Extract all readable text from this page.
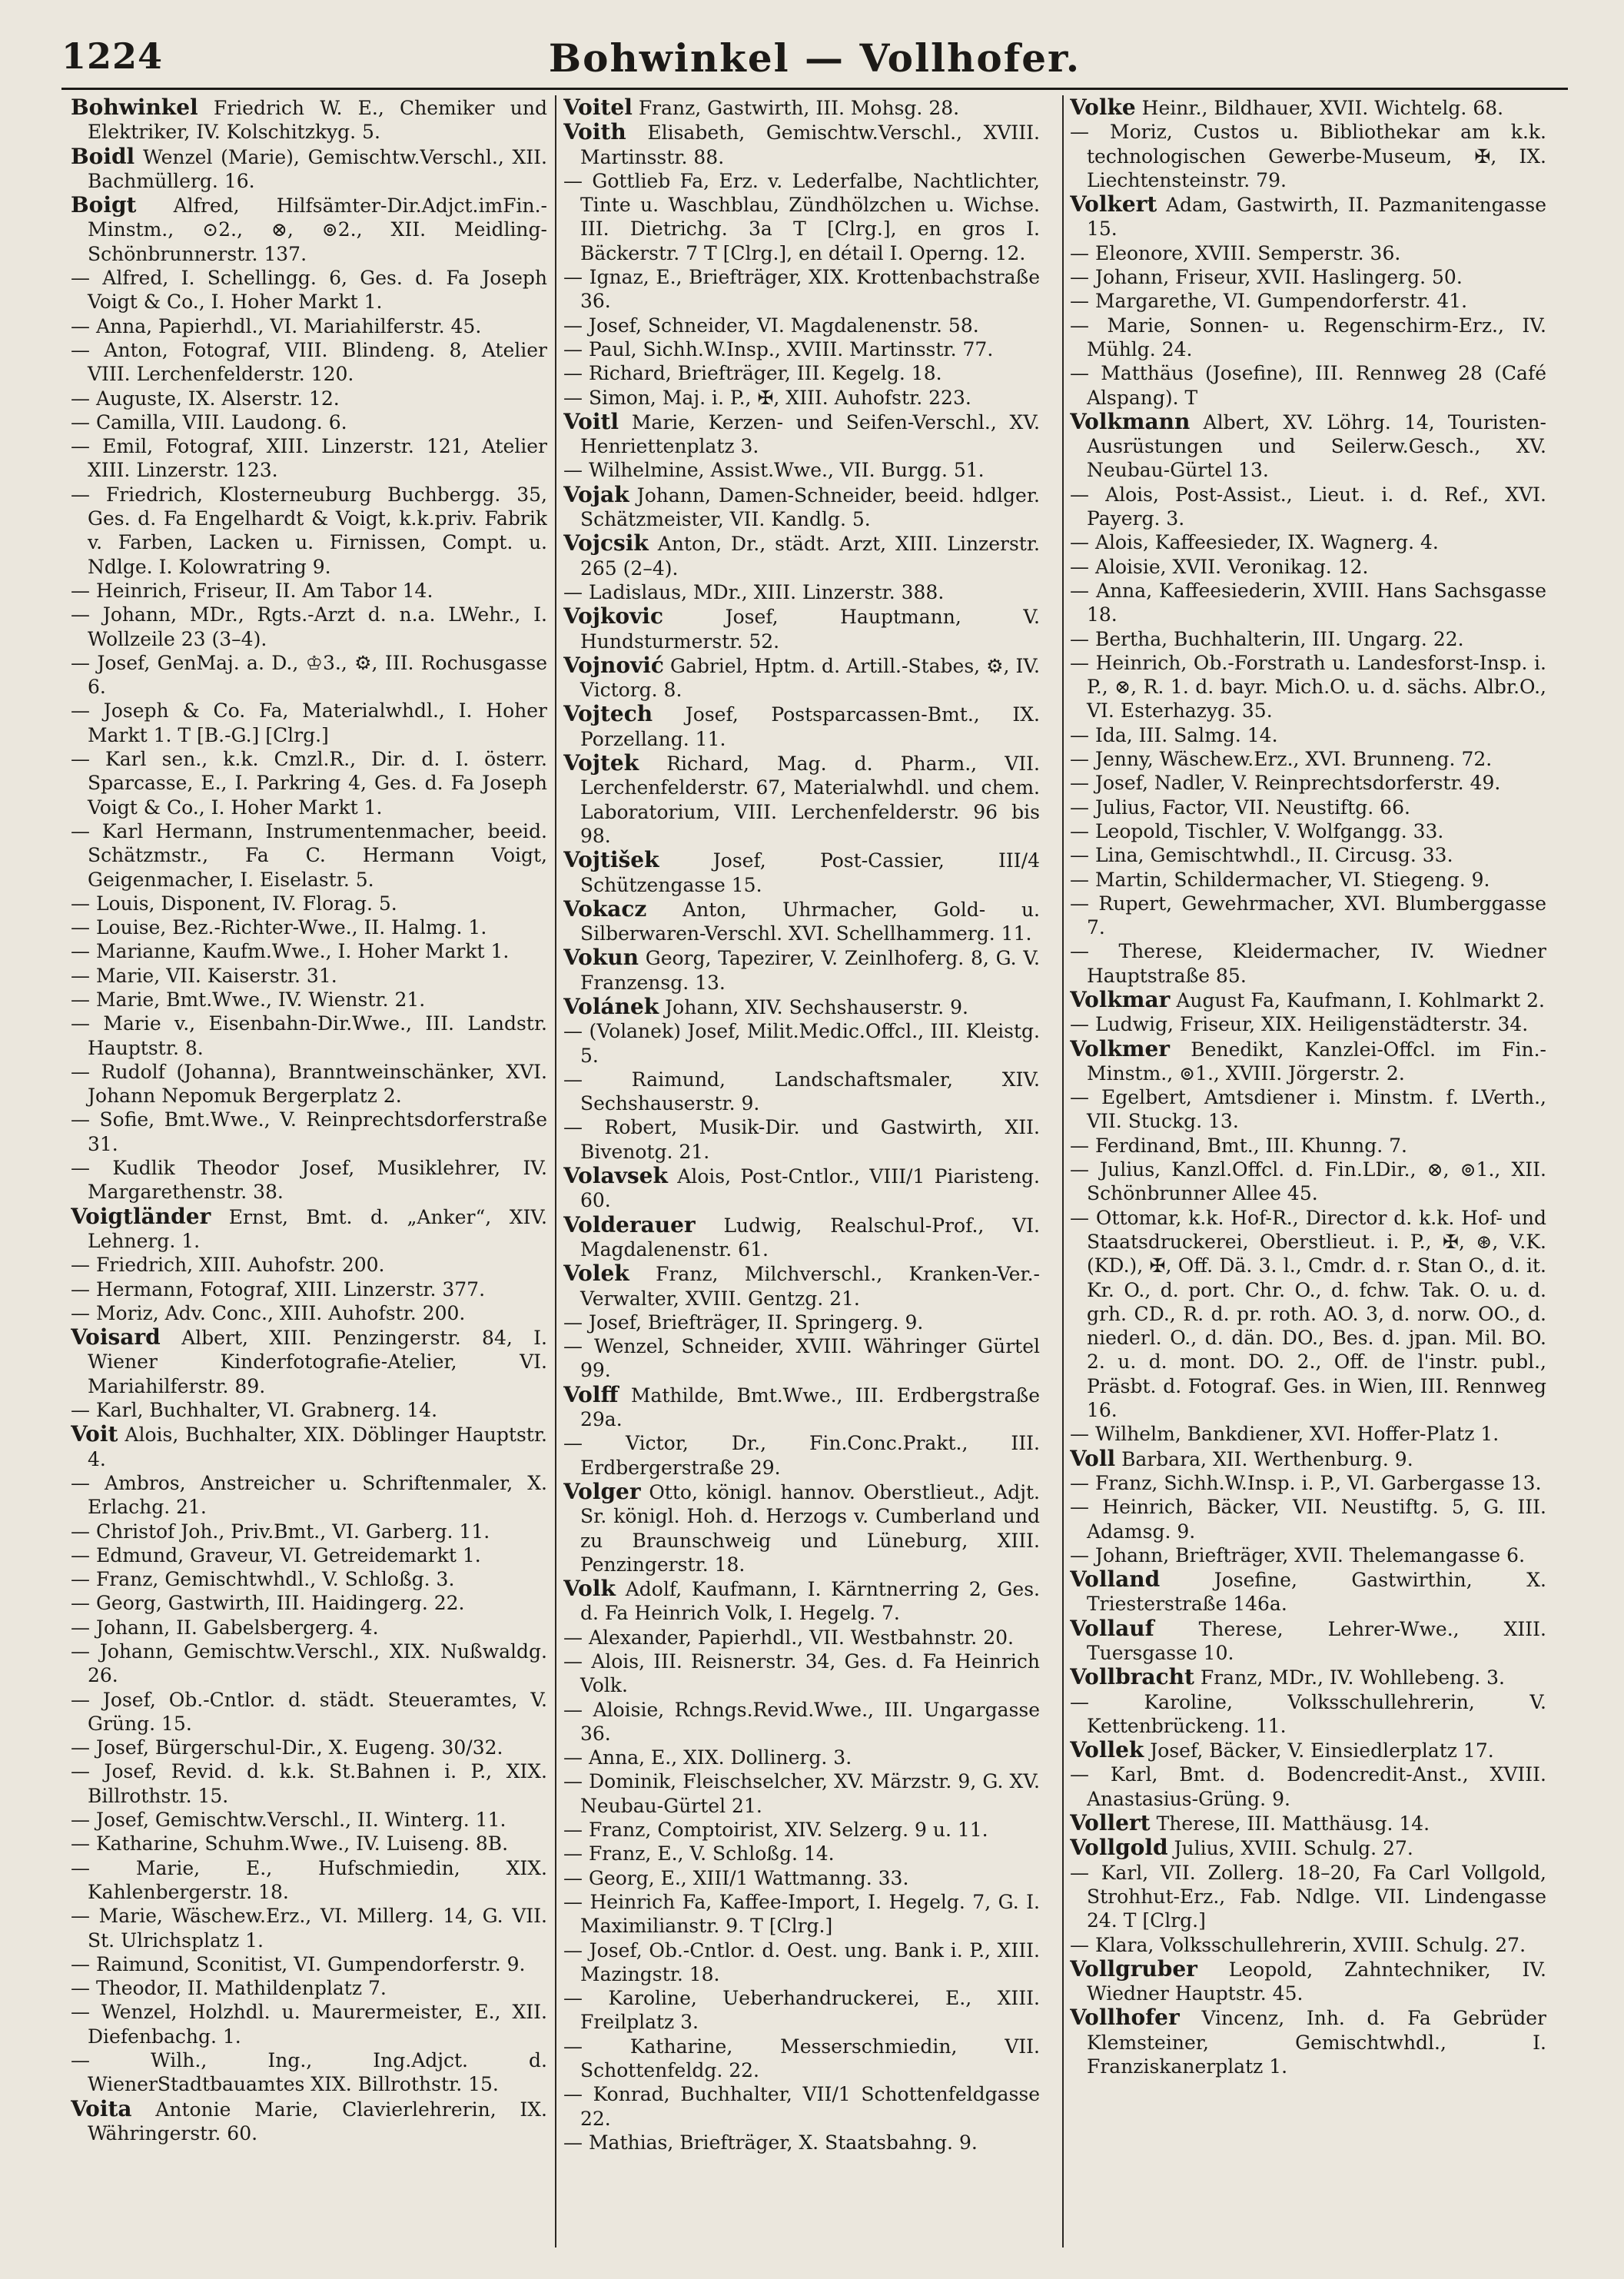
1224	Bohwinkel — Vollhofer.

Bohwinkel Friedrich W. E., Chemiker und Elektriker, IV. Kolschitzkyg. 5.

Boidl Wenzel (Marie), Gemischtw.Verschl., XII. Bachmüllerg. 16.

Boigt Alfred, Hilfsämter-Dir.Adjct.imFin.-Minstm., ⊙2., ⊗, ⊚2., XII. Meidling-Schönbrunnerstr. 137.

— Alfred, I. Schellingg. 6, Ges. d. Fa Joseph Voigt & Co., I. Hoher Markt 1.

— Anna, Papierhdl., VI. Mariahilferstr. 45.

— Anton, Fotograf, VIII. Blindeng. 8, Atelier VIII. Lerchenfelderstr. 120.

— Auguste, IX. Alserstr. 12.

— Camilla, VIII. Laudong. 6.

— Emil, Fotograf, XIII. Linzerstr. 121, Atelier XIII. Linzerstr. 123.

— Friedrich, Klosterneuburg Buchbergg. 35, Ges. d. Fa Engelhardt & Voigt, k.k.priv. Fabrik v. Farben, Lacken u. Firnissen, Compt. u. Ndlge. I. Kolowratring 9.

— Heinrich, Friseur, II. Am Tabor 14.

— Johann, MDr., Rgts.-Arzt d. n.a. LWehr., I. Wollzeile 23 (3–4).

— Josef, GenMaj. a. D., ♔3., ⚙, III. Rochusgasse 6.

— Joseph & Co. Fa, Materialwhdl., I. Hoher Markt 1. T [B.-G.] [Clrg.]

— Karl sen., k.k. Cmzl.R., Dir. d. I. österr. Sparcasse, E., I. Parkring 4, Ges. d. Fa Joseph Voigt & Co., I. Hoher Markt 1.

— Karl Hermann, Instrumentenmacher, beeid. Schätzmstr., Fa C. Hermann Voigt, Geigenmacher, I. Eiselastr. 5.

— Louis, Disponent, IV. Florag. 5.

— Louise, Bez.-Richter-Wwe., II. Halmg. 1.

— Marianne, Kaufm.Wwe., I. Hoher Markt 1.

— Marie, VII. Kaiserstr. 31.

— Marie, Bmt.Wwe., IV. Wienstr. 21.

— Marie v., Eisenbahn-Dir.Wwe., III. Landstr. Hauptstr. 8.

— Rudolf (Johanna), Branntweinschänker, XVI. Johann Nepomuk Bergerplatz 2.

— Sofie, Bmt.Wwe., V. Reinprechtsdorferstraße 31.

— Kudlik Theodor Josef, Musiklehrer, IV. Margarethenstr. 38.

Voigtländer Ernst, Bmt. d. „Anker“, XIV. Lehnerg. 1.

— Friedrich, XIII. Auhofstr. 200.

— Hermann, Fotograf, XIII. Linzerstr. 377.

— Moriz, Adv. Conc., XIII. Auhofstr. 200.

Voisard Albert, XIII. Penzingerstr. 84, I. Wiener Kinderfotografie-Atelier, VI. Mariahilferstr. 89.

— Karl, Buchhalter, VI. Grabnerg. 14.

Voit Alois, Buchhalter, XIX. Döblinger Hauptstr. 4.

— Ambros, Anstreicher u. Schriftenmaler, X. Erlachg. 21.

— Christof Joh., Priv.Bmt., VI. Garberg. 11.

— Edmund, Graveur, VI. Getreidemarkt 1.

— Franz, Gemischtwhdl., V. Schloßg. 3.

— Georg, Gastwirth, III. Haidingerg. 22.

— Johann, II. Gabelsbergerg. 4.

— Johann, Gemischtw.Verschl., XIX. Nußwaldg. 26.

— Josef, Ob.-Cntlor. d. städt. Steueramtes, V. Grüng. 15.

— Josef, Bürgerschul-Dir., X. Eugeng. 30/32.

— Josef, Revid. d. k.k. St.Bahnen i. P., XIX. Billrothstr. 15.

— Josef, Gemischtw.Verschl., II. Winterg. 11.

— Katharine, Schuhm.Wwe., IV. Luiseng. 8B.

— Marie, E., Hufschmiedin, XIX. Kahlenbergerstr. 18.

— Marie, Wäschew.Erz., VI. Millerg. 14, G. VII. St. Ulrichsplatz 1.

— Raimund, Sconitist, VI. Gumpendorferstr. 9.

— Theodor, II. Mathildenplatz 7.

— Wenzel, Holzhdl. u. Maurermeister, E., XII. Diefenbachg. 1.

— Wilh., Ing., Ing.Adjct. d. WienerStadtbauamtes XIX. Billrothstr. 15.

Voita Antonie Marie, Clavierlehrerin, IX. Währingerstr. 60.

Voitel Franz, Gastwirth, III. Mohsg. 28.

Voith Elisabeth, Gemischtw.Verschl., XVIII. Martinsstr. 88.

— Gottlieb Fa, Erz. v. Lederfalbe, Nachtlichter, Tinte u. Waschblau, Zündhölzchen u. Wichse. III. Dietrichg. 3a T [Clrg.], en gros I. Bäckerstr. 7 T [Clrg.], en détail I. Operng. 12.

— Ignaz, E., Briefträger, XIX. Krottenbachstraße 36.

— Josef, Schneider, VI. Magdalenenstr. 58.

— Paul, Sichh.W.Insp., XVIII. Martinsstr. 77.

— Richard, Briefträger, III. Kegelg. 18.

— Simon, Maj. i. P., ✠, XIII. Auhofstr. 223.

Voitl Marie, Kerzen- und Seifen-Verschl., XV. Henriettenplatz 3.

— Wilhelmine, Assist.Wwe., VII. Burgg. 51.

Vojak Johann, Damen-Schneider, beeid. hdlger. Schätzmeister, VII. Kandlg. 5.

Vojcsik Anton, Dr., städt. Arzt, XIII. Linzerstr. 265 (2–4).

— Ladislaus, MDr., XIII. Linzerstr. 388.

Vojkovic	Josef, Hauptmann, V. Hundsturmerstr. 52.

Vojnović Gabriel, Hptm. d. Artill.-Stabes, ⚙, IV. Victorg. 8.

Vojtech Josef, Postsparcassen-Bmt., IX. Porzellang. 11.

Vojtek Richard, Mag. d. Pharm., VII. Lerchenfelderstr. 67, Materialwhdl. und chem. Laboratorium, VIII. Lerchenfelderstr. 96 bis 98.

Vojtišek	Josef, Post-Cassier, III/4 Schützengasse 15.

Vokacz Anton, Uhrmacher, Gold- u. Silberwaren-Verschl. XVI. Schellhammerg. 11.

Vokun Georg, Tapezirer, V. Zeinlhoferg. 8, G. V. Franzensg. 13.

Volánek Johann, XIV. Sechshauserstr. 9.

— (Volanek) Josef, Milit.Medic.Offcl., III. Kleistg. 5.

— Raimund, Landschaftsmaler, XIV. Sechshauserstr. 9.

— Robert, Musik-Dir. und Gastwirth, XII. Bivenotg. 21.

Volavsek Alois, Post-Cntlor., VIII/1 Piaristeng. 60.

Volderauer Ludwig, Realschul-Prof., VI. Magdalenenstr. 61.

Volek Franz, Milchverschl., Kranken-Ver.-Verwalter, XVIII. Gentzg. 21.

— Josef, Briefträger, II. Springerg. 9.

— Wenzel, Schneider, XVIII. Währinger Gürtel 99.

Volff Mathilde, Bmt.Wwe., III. Erdbergstraße 29a.

— Victor, Dr., Fin.Conc.Prakt., III. Erdbergerstraße 29.

Volger Otto, königl. hannov. Oberstlieut., Adjt. Sr. königl. Hoh. d. Herzogs v. Cumberland und zu Braunschweig und Lüneburg, XIII. Penzingerstr. 18.

Volk Adolf, Kaufmann, I. Kärntnerring 2, Ges. d. Fa Heinrich Volk, I. Hegelg. 7.

— Alexander, Papierhdl., VII. Westbahnstr. 20.

— Alois, III. Reisnerstr. 34, Ges. d. Fa Heinrich Volk.

— Aloisie, Rchngs.Revid.Wwe., III. Ungargasse 36.

— Anna, E., XIX. Dollinerg. 3.

— Dominik, Fleischselcher, XV. Märzstr. 9, G. XV. Neubau-Gürtel 21.

— Franz, Comptoirist, XIV. Selzerg. 9 u. 11.

— Franz, E., V. Schloßg. 14.

— Georg, E., XIII/1 Wattmanng. 33.

— Heinrich Fa, Kaffee-Import, I. Hegelg. 7, G. I. Maximilianstr. 9. T [Clrg.]

— Josef, Ob.-Cntlor. d. Oest. ung. Bank i. P., XIII. Mazingstr. 18.

— Karoline, Ueberhandruckerei, E., XIII. Freilplatz 3.

— Katharine, Messerschmiedin, VII. Schottenfeldg. 22.

— Konrad, Buchhalter, VII/1 Schottenfeldgasse 22.

— Mathias, Briefträger, X. Staatsbahng. 9.

Volke Heinr., Bildhauer, XVII. Wichtelg. 68.

— Moriz, Custos u. Bibliothekar am k.k. technologischen Gewerbe-Museum, ✠, IX. Liechtensteinstr. 79.

Volkert Adam, Gastwirth, II. Pazmanitengasse 15.

— Eleonore, XVIII. Semperstr. 36.

— Johann, Friseur, XVII. Haslingerg. 50.

— Margarethe, VI. Gumpendorferstr. 41.

— Marie, Sonnen- u. Regenschirm-Erz., IV. Mühlg. 24.

— Matthäus (Josefine), III. Rennweg 28 (Café Alspang). T

Volkmann Albert, XV. Löhrg. 14, Touristen-Ausrüstungen und Seilerw.Gesch., XV. Neubau-Gürtel 13.

— Alois, Post-Assist., Lieut. i. d. Ref., XVI. Payerg. 3.

— Alois, Kaffeesieder, IX. Wagnerg. 4.

— Aloisie, XVII. Veronikag. 12.

— Anna, Kaffeesiederin, XVIII. Hans Sachsgasse 18.

— Bertha, Buchhalterin, III. Ungarg. 22.

— Heinrich, Ob.-Forstrath u. Landesforst-Insp. i. P., ⊗, R. 1. d. bayr. Mich.O. u. d. sächs. Albr.O., VI. Esterhazyg. 35.

— Ida, III. Salmg. 14.

— Jenny, Wäschew.Erz., XVI. Brunneng. 72.

— Josef, Nadler, V. Reinprechtsdorferstr. 49.

— Julius, Factor, VII. Neustiftg. 66.

— Leopold, Tischler, V. Wolfgangg. 33.

— Lina, Gemischtwhdl., II. Circusg. 33.

— Martin, Schildermacher, VI. Stiegeng. 9.

— Rupert, Gewehrmacher, XVI. Blumberggasse 7.

— Therese, Kleidermacher, IV. Wiedner Hauptstraße 85.

Volkmar August Fa, Kaufmann, I. Kohlmarkt 2.

— Ludwig, Friseur, XIX. Heiligenstädterstr. 34.

Volkmer Benedikt, Kanzlei-Offcl. im Fin.-Minstm., ⊚1., XVIII. Jörgerstr. 2.

— Egelbert, Amtsdiener i. Minstm. f. LVerth., VII. Stuckg. 13.

— Ferdinand, Bmt., III. Khunng. 7.

— Julius, Kanzl.Offcl. d. Fin.LDir., ⊗, ⊚1., XII. Schönbrunner Allee 45.

— Ottomar, k.k. Hof-R., Director d. k.k. Hof- und Staatsdruckerei, Oberstlieut. i. P., ✠, ⊛, V.K. (KD.), ✠, Off. Dä. 3. l., Cmdr. d. r. Stan O., d. it. Kr. O., d. port. Chr. O., d. fchw. Tak. O. u. d. grh. CD., R. d. pr. roth. AO. 3, d. norw. OO., d. niederl. O., d. dän. DO., Bes. d. jpan. Mil. BO. 2. u. d. mont. DO. 2., Off. de l'instr. publ., Präsbt. d. Fotograf. Ges. in Wien, III. Rennweg 16.

— Wilhelm, Bankdiener, XVI. Hoffer-Platz 1.

Voll Barbara, XII. Werthenburg. 9.

— Franz, Sichh.W.Insp. i. P., VI. Garbergasse 13.

— Heinrich, Bäcker, VII. Neustiftg. 5, G. III. Adamsg. 9.

— Johann, Briefträger, XVII. Thelemangasse 6.

Volland	Josefine, Gastwirthin, X. Triesterstraße 146a.

Vollauf Therese, Lehrer-Wwe., XIII. Tuersgasse 10.

Vollbracht Franz, MDr., IV. Wohllebeng. 3.

— Karoline, Volksschullehrerin, V. Kettenbrückeng. 11.

Vollek Josef, Bäcker, V. Einsiedlerplatz 17.

— Karl, Bmt. d. Bodencredit-Anst., XVIII. Anastasius-Grüng. 9.

Vollert Therese, III. Matthäusg. 14.

Vollgold Julius, XVIII. Schulg. 27.

— Karl, VII. Zollerg. 18–20, Fa Carl Vollgold, Strohhut-Erz., Fab. Ndlge. VII. Lindengasse 24. T [Clrg.]

— Klara, Volksschullehrerin, XVIII. Schulg. 27.

Vollgruber Leopold, Zahntechniker, IV. Wiedner Hauptstr. 45.

Vollhofer Vincenz, Inh. d. Fa Gebrüder Klemsteiner, Gemischtwhdl., I. Franziskanerplatz 1.
